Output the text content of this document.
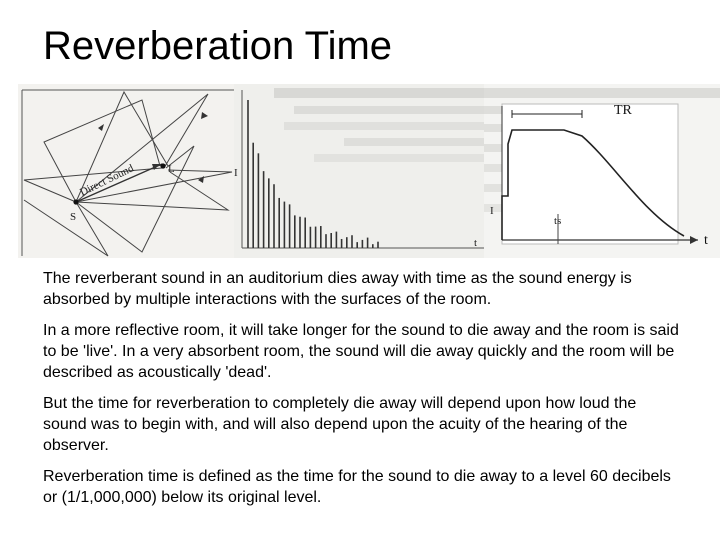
Reverberation Time
L
S
Direct Sound	I
t
TR
ts
t
I

The reverberant sound in an auditorium dies away with time as the sound energy is absorbed by multiple interactions with the surfaces of the room.

In a more reflective room, it will take longer for the sound to die away and the room is said to be 'live'. In a very absorbent room, the sound will die away quickly and the room will be described as acoustically 'dead'.

But the time for reverberation to completely die away will depend upon how loud the sound was to begin with, and will also depend upon the acuity of the hearing of the observer.

Reverberation time is defined as the time for the sound to die away to a level 60 decibels or (1/1,000,000) below its original level.
